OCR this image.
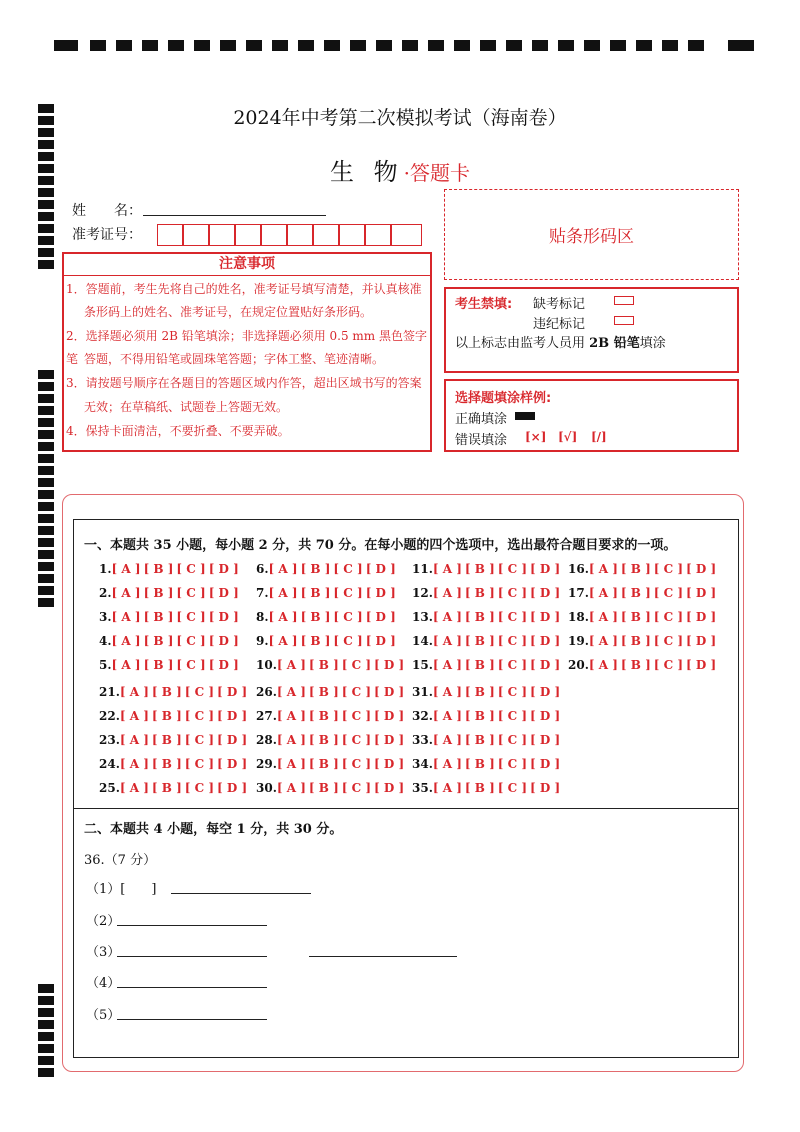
2024年中考第二次模拟考试（海南卷）
生 物·答题卡
姓　　名：
准考证号：
注意事项
1．答题前，考生先将自己的姓名，准考证号填写清楚，并认真核准
条形码上的姓名、准考证号，在规定位置贴好条形码。
2．选择题必须用 2B 铅笔填涂；非选择题必须用 0.5 mm 黑色签字笔 答题，不得用铅笔或圆珠笔答题；字体工整、笔迹清晰。
3．请按题号顺序在各题目的答题区域内作答，超出区域书写的答案
无效；在草稿纸、试题卷上答题无效。
4．保持卡面清洁，不要折叠、不要弄破。
贴条形码区
考生禁填: 缺考标记
违纪标记
以上标志由监考人员用 2B 铅笔填涂
选择题填涂样例:
正确填涂
错误填涂 [×] [√] [/]
一、本题共 35 小题，每小题 2 分，共 70 分。在每小题的四个选项中，选出最符合题目要求的一项。
1.[ A ] [ B ] [ C ] [ D ]
2.[ A ] [ B ] [ C ] [ D ]
3.[ A ] [ B ] [ C ] [ D ]
4.[ A ] [ B ] [ C ] [ D ]
5.[ A ] [ B ] [ C ] [ D ]
6.[ A ] [ B ] [ C ] [ D ]
7.[ A ] [ B ] [ C ] [ D ]
8.[ A ] [ B ] [ C ] [ D ]
9.[ A ] [ B ] [ C ] [ D ]
10.[ A ] [ B ] [ C ] [ D ]
11.[ A ] [ B ] [ C ] [ D ]
12.[ A ] [ B ] [ C ] [ D ]
13.[ A ] [ B ] [ C ] [ D ]
14.[ A ] [ B ] [ C ] [ D ]
15.[ A ] [ B ] [ C ] [ D ]
16.[ A ] [ B ] [ C ] [ D ]
17.[ A ] [ B ] [ C ] [ D ]
18.[ A ] [ B ] [ C ] [ D ]
19.[ A ] [ B ] [ C ] [ D ]
20.[ A ] [ B ] [ C ] [ D ]
21.[ A ] [ B ] [ C ] [ D ]
22.[ A ] [ B ] [ C ] [ D ]
23.[ A ] [ B ] [ C ] [ D ]
24.[ A ] [ B ] [ C ] [ D ]
25.[ A ] [ B ] [ C ] [ D ]
26.[ A ] [ B ] [ C ] [ D ]
27.[ A ] [ B ] [ C ] [ D ]
28.[ A ] [ B ] [ C ] [ D ]
29.[ A ] [ B ] [ C ] [ D ]
30.[ A ] [ B ] [ C ] [ D ]
31.[ A ] [ B ] [ C ] [ D ]
32.[ A ] [ B ] [ C ] [ D ]
33.[ A ] [ B ] [ C ] [ D ]
34.[ A ] [ B ] [ C ] [ D ]
35.[ A ] [ B ] [ C ] [ D ]
二、本题共 4 小题，每空 1 分，共 30 分。
36.（7 分）
（1）[　　]
（2）
（3）
（4）
（5）
